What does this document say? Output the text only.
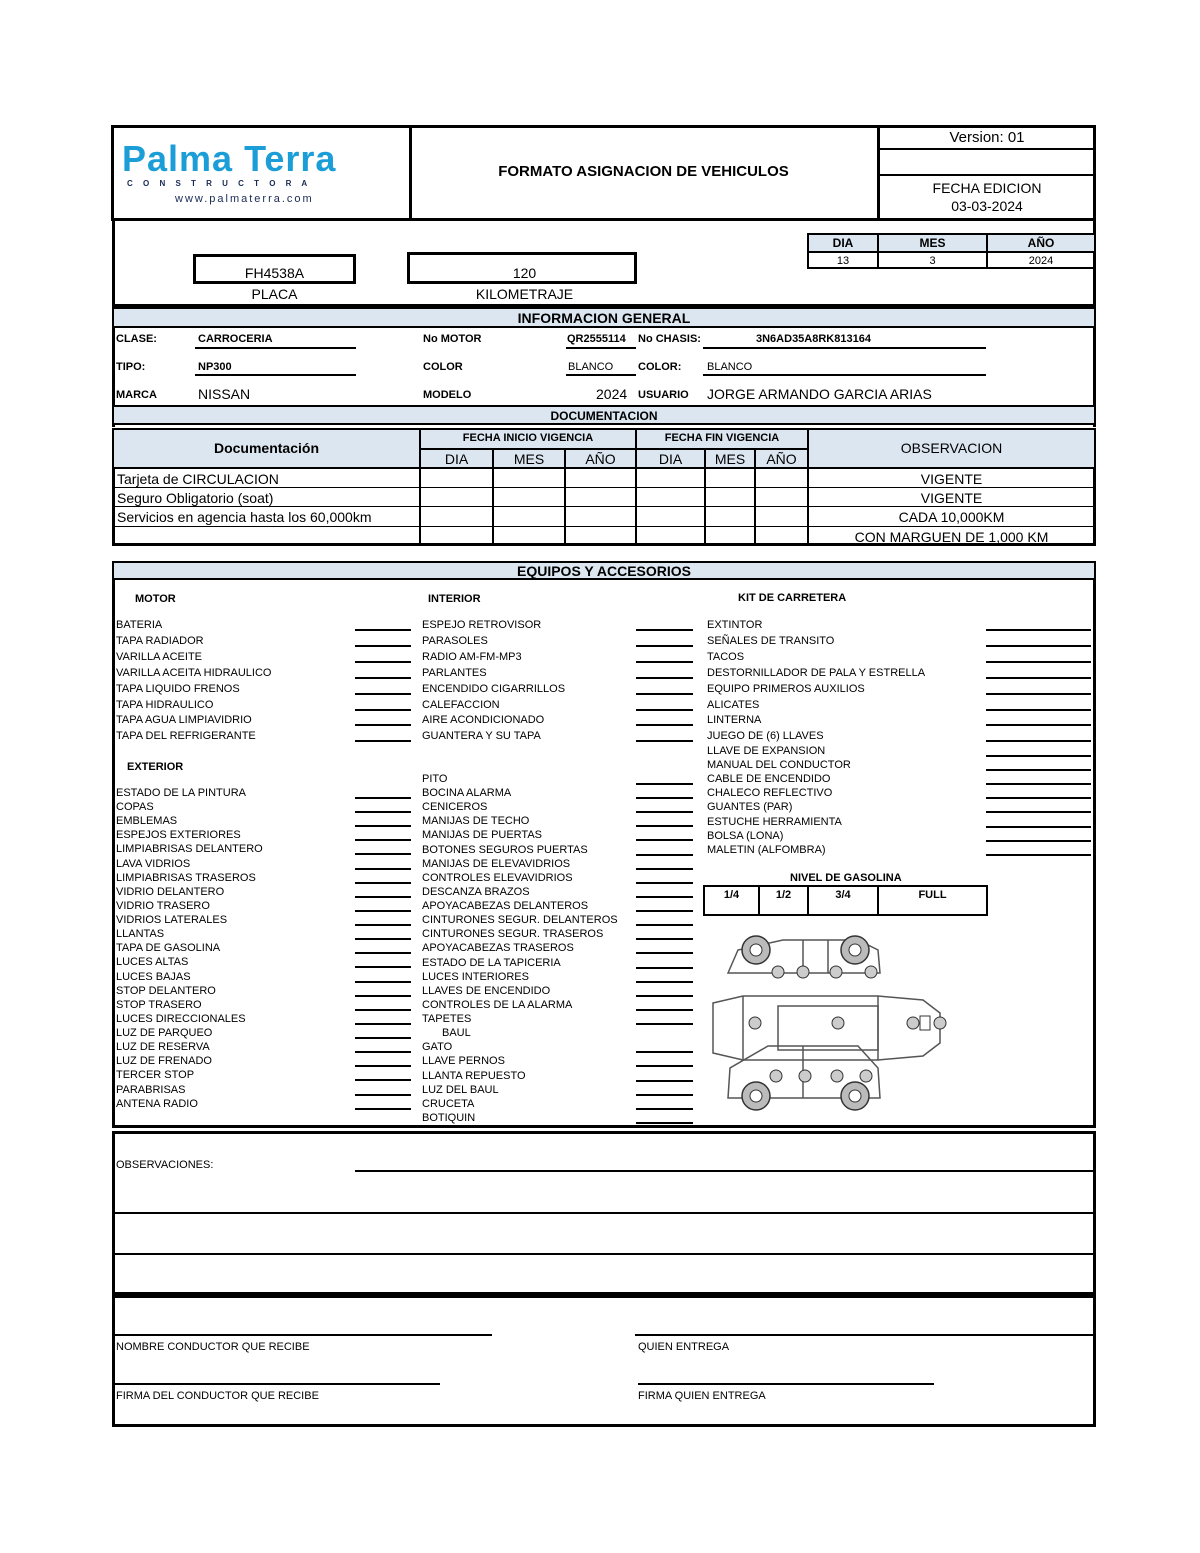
Palma Terra
C O N S T R U C T O R A
www.palmaterra.com
FORMATO ASIGNACION DE VEHICULOS
Version: 01
FECHA EDICION
03-03-2024
DIA	MES	AÑO
13	3	2024
FH4538A
PLACA
120
KILOMETRAJE
INFORMACION GENERAL
CLASE:	CARROCERIA	No MOTOR	QR2555114 No CHASIS:	3N6AD35A8RK813164
TIPO:	NP300	COLOR	BLANCO COLOR: BLANCO
MARCA	NISSAN	MODELO	2024 USUARIO JORGE ARMANDO GARCIA ARIAS
DOCUMENTACION
Documentación
FECHA INICIO VIGENCIA	FECHA FIN VIGENCIA
OBSERVACION
DIA	MES	AÑO	DIA	MES	AÑO
Tarjeta de CIRCULACION	VIGENTE
Seguro Obligatorio (soat)	VIGENTE
Servicios en agencia hasta los 60,000km	CADA 10,000KM
CON MARGUEN DE 1,000 KM
EQUIPOS Y ACCESORIOS
MOTOR	INTERIOR	KIT DE CARRETERA
EXTERIOR
BATERIA
TAPA RADIADOR
VARILLA ACEITE
VARILLA ACEITA HIDRAULICO
TAPA LIQUIDO FRENOS
TAPA HIDRAULICO
TAPA AGUA LIMPIAVIDRIO
TAPA DEL REFRIGERANTE
ESTADO DE LA PINTURA
COPAS
EMBLEMAS
ESPEJOS EXTERIORES
LIMPIABRISAS DELANTERO
LAVA VIDRIOS
LIMPIABRISAS TRASEROS
VIDRIO DELANTERO
VIDRIO TRASERO
VIDRIOS LATERALES
LLANTAS
TAPA DE GASOLINA
LUCES ALTAS
LUCES BAJAS
STOP DELANTERO
STOP TRASERO
LUCES DIRECCIONALES
LUZ DE PARQUEO
LUZ DE RESERVA
LUZ DE FRENADO
TERCER STOP
PARABRISAS
ANTENA RADIO
ESPEJO RETROVISOR
PARASOLES
RADIO AM-FM-MP3
PARLANTES
ENCENDIDO CIGARRILLOS
CALEFACCION
AIRE ACONDICIONADO
GUANTERA Y SU TAPA
PITO
BOCINA ALARMA
CENICEROS
MANIJAS DE TECHO
MANIJAS DE PUERTAS
BOTONES SEGUROS PUERTAS
MANIJAS DE ELEVAVIDRIOS
CONTROLES ELEVAVIDRIOS
DESCANZA BRAZOS
APOYACABEZAS DELANTEROS
CINTURONES SEGUR. DELANTEROS
CINTURONES SEGUR. TRASEROS
APOYACABEZAS TRASEROS
ESTADO DE LA TAPICERIA
LUCES INTERIORES
LLAVES DE ENCENDIDO
CONTROLES DE LA ALARMA
TAPETES
BAUL
GATO
LLAVE PERNOS
LLANTA REPUESTO
LUZ DEL BAUL
CRUCETA
BOTIQUIN
EXTINTOR
SEÑALES DE TRANSITO
TACOS
DESTORNILLADOR DE PALA Y ESTRELLA
EQUIPO PRIMEROS AUXILIOS
ALICATES
LINTERNA
JUEGO DE (6) LLAVES
LLAVE DE EXPANSION
MANUAL DEL CONDUCTOR
CABLE DE ENCENDIDO
CHALECO REFLECTIVO
GUANTES (PAR)
ESTUCHE HERRAMIENTA
BOLSA (LONA)
MALETIN (ALFOMBRA)
NIVEL DE GASOLINA
1/4	1/2	3/4	FULL
OBSERVACIONES:
NOMBRE CONDUCTOR QUE RECIBE	QUIEN ENTREGA
FIRMA DEL CONDUCTOR QUE RECIBE	FIRMA QUIEN ENTREGA
